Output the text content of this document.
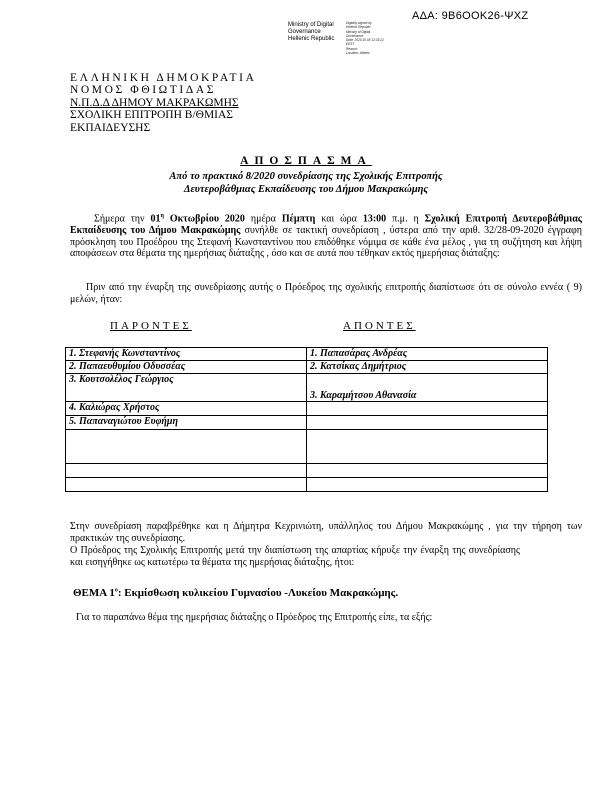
ΑΔΑ: 9Β6ΟΟΚ26-ΨΧΖ
Ministry of Digital
Governance
Hellenic Republic
Digitally signed by
Hellenic Republic
Ministry of Digital
Governance
Date: 2020.10.05 12:33:22
EEST
Reason:
Location: Athens
ΕΛΛΗΝΙΚΗ ΔΗΜΟΚΡΑΤΙΑ
ΝΟΜΟΣ ΦΘΙΩΤΙΔΑΣ
Ν.Π.Δ.Δ ΔΗΜΟΥ ΜΑΚΡΑΚΩΜΗΣ
ΣΧΟΛΙΚΗ ΕΠΙΤΡΟΠΗ Β/ΘΜΙΑΣ
ΕΚΠΑΙΔΕΥΣΗΣ
ΑΠΟΣΠΑΣΜΑ
Από το πρακτικό 8/2020 συνεδρίασης της Σχολικής Επιτροπής
Δευτεροβάθμιας Εκπαίδευσης του Δήμου Μακρακώμης
Σήμερα την $01^\eta$ Οκτωβρίου 2020 ημέρα Πέμπτη και ώρα 13:00 π.μ. η Σχολική Επιτροπή Δευτεροβάθμιας Εκπαίδευσης του Δήμου Μακρακώμης συνήλθε σε τακτική συνεδρίαση , ύστερα από την αριθ. 32/28-09-2020 έγγραφη πρόσκληση του Προέδρου της Στεφανή Κωνσταντίνου που επιδόθηκε νόμιμα σε κάθε ένα μέλος , για τη συζήτηση και λήψη αποφάσεων στα θέματα της ημερήσιας διάταξης , όσο και σε αυτά που τέθηκαν εκτός ημερήσιας διάταξης:
Πριν από την έναρξη της συνεδρίασης αυτής ο Πρόεδρος της σχολικής επιτροπής διαπίστωσε ότι σε σύνολο εννέα ( 9) μελών, ήταν:
ΠΑΡΟΝΤΕΣ	ΑΠΟΝΤΕΣ
1. Στεφανής Κωνσταντίνος	1. Παπασάρας Ανδρέας
2. Παπαευθυμίου Οδυσσέας	2. Κατσίκας Δημήτριος
3. Κουτσολέλος Γεώργιος	3. Καραμήτσου Αθανασία
4. Καλιώρας Χρήστος	
5. Παπαναγιώτου Ευφήμη	

Στην συνεδρίαση παραβρέθηκε και η Δήμητρα Κεχρινιώτη, υπάλληλος του Δήμου Μακρακώμης , για την τήρηση των πρακτικών της συνεδρίασης.
Ο Πρόεδρος της Σχολικής Επιτροπής μετά την διαπίστωση της απαρτίας κήρυξε την έναρξη της συνεδρίασης και εισηγήθηκε ως κατωτέρω τα θέματα της ημερήσιας διάταξης, ήτοι:
ΘΕΜΑ $1^o$: Εκμίσθωση κυλικείου Γυμνασίου -Λυκείου Μακρακώμης.
Για το παραπάνω θέμα της ημερήσιας διάταξης ο Πρόεδρος της Επιτροπής είπε, τα εξής:
